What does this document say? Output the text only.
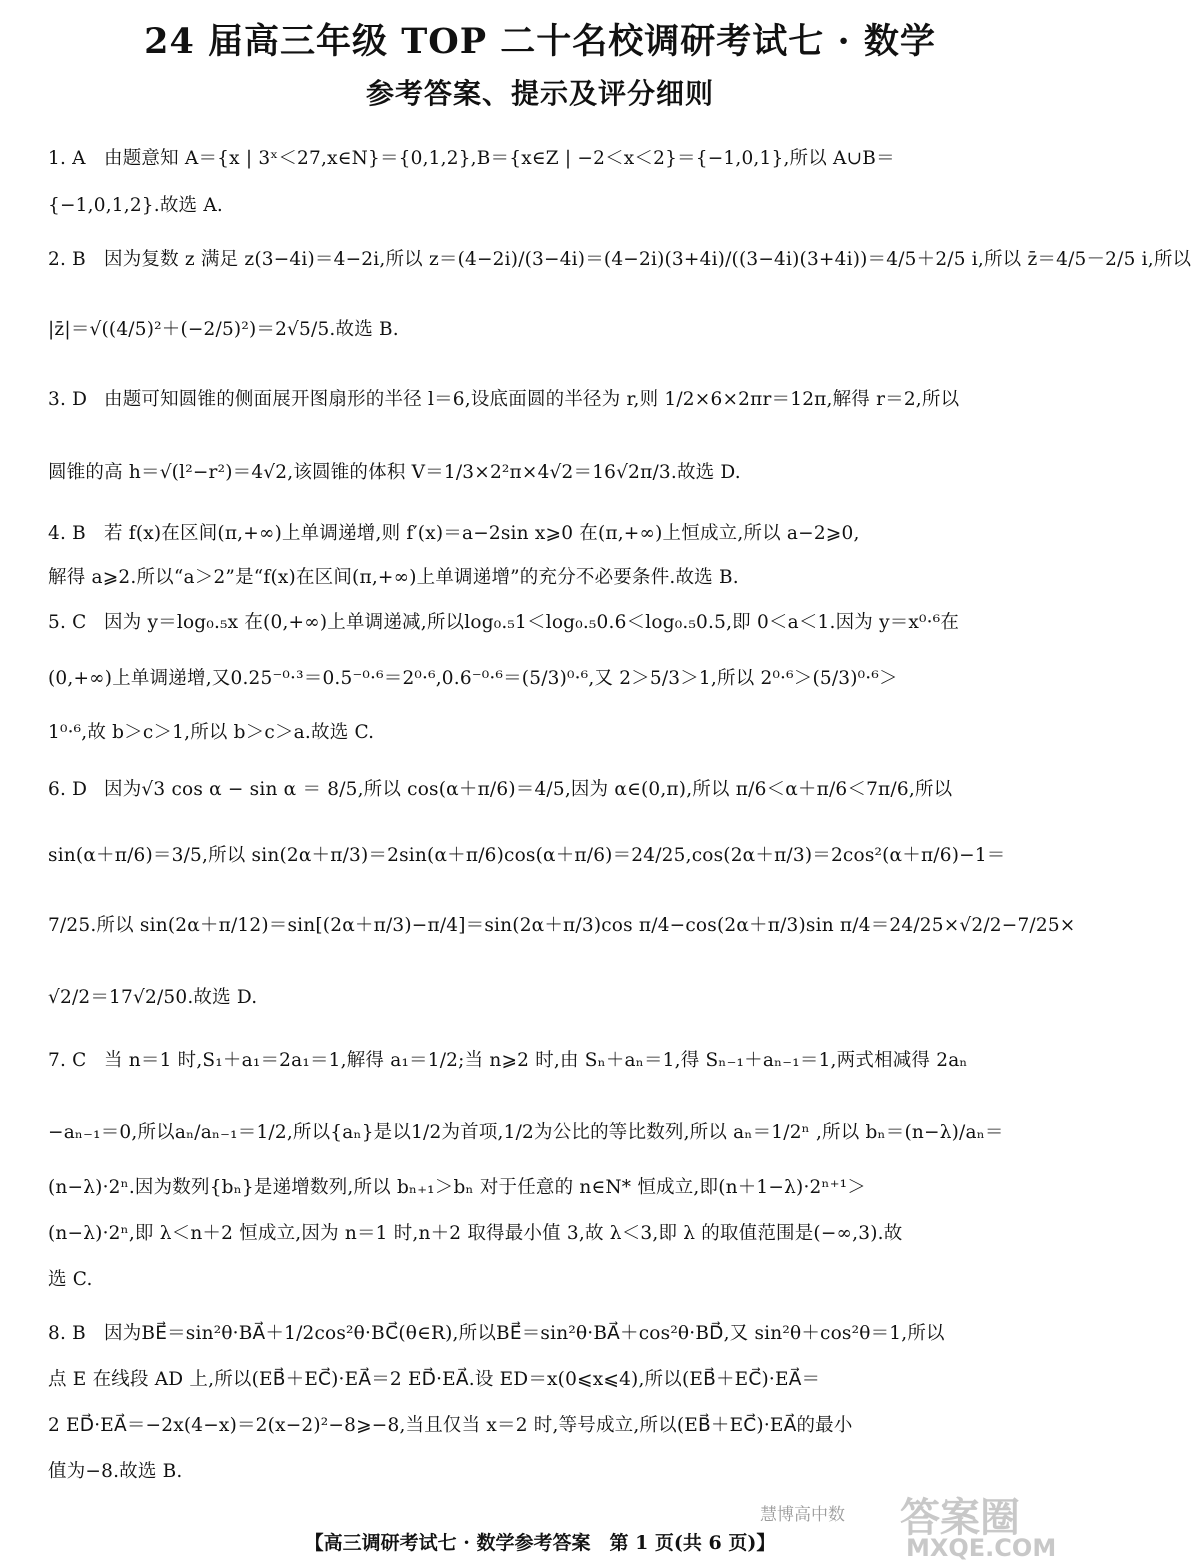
24 届高三年级 TOP 二十名校调研考试七 · 数学
参考答案、提示及评分细则
1. A 由题意知 A＝{x | 3ˣ＜27,x∈N}＝{0,1,2},B＝{x∈Z | −2＜x＜2}＝{−1,0,1},所以 A∪B＝
{−1,0,1,2}.故选 A.
2. B 因为复数 z 满足 z(3−4i)＝4−2i,所以 z＝(4−2i)/(3−4i)＝(4−2i)(3+4i)/((3−4i)(3+4i))＝4/5＋2/5 i,所以 z̄＝4/5－2/5 i,所以
|z̄|＝√((4/5)²＋(−2/5)²)＝2√5/5.故选 B.
3. D 由题可知圆锥的侧面展开图扇形的半径 l＝6,设底面圆的半径为 r,则 1/2×6×2πr＝12π,解得 r＝2,所以
圆锥的高 h＝√(l²−r²)＝4√2,该圆锥的体积 V＝1/3×2²π×4√2＝16√2π/3.故选 D.
4. B 若 f(x)在区间(π,+∞)上单调递增,则 f′(x)＝a−2sin x⩾0 在(π,+∞)上恒成立,所以 a−2⩾0,
解得 a⩾2.所以“a＞2”是“f(x)在区间(π,+∞)上单调递增”的充分不必要条件.故选 B.
5. C 因为 y＝log₀.₅x 在(0,+∞)上单调递减,所以log₀.₅1＜log₀.₅0.6＜log₀.₅0.5,即 0＜a＜1.因为 y＝x⁰·⁶在
(0,+∞)上单调递增,又0.25⁻⁰·³＝0.5⁻⁰·⁶＝2⁰·⁶,0.6⁻⁰·⁶＝(5/3)⁰·⁶,又 2＞5/3＞1,所以 2⁰·⁶＞(5/3)⁰·⁶＞
1⁰·⁶,故 b＞c＞1,所以 b＞c＞a.故选 C.
6. D 因为√3 cos α − sin α ＝ 8/5,所以 cos(α＋π/6)＝4/5,因为 α∈(0,π),所以 π/6＜α＋π/6＜7π/6,所以
sin(α＋π/6)＝3/5,所以 sin(2α＋π/3)＝2sin(α＋π/6)cos(α＋π/6)＝24/25,cos(2α＋π/3)＝2cos²(α＋π/6)−1＝
7/25.所以 sin(2α＋π/12)＝sin[(2α＋π/3)−π/4]＝sin(2α＋π/3)cos π/4−cos(2α＋π/3)sin π/4＝24/25×√2/2−7/25×
√2/2＝17√2/50.故选 D.
7. C 当 n＝1 时,S₁＋a₁＝2a₁＝1,解得 a₁＝1/2;当 n⩾2 时,由 Sₙ＋aₙ＝1,得 Sₙ₋₁＋aₙ₋₁＝1,两式相减得 2aₙ
−aₙ₋₁＝0,所以aₙ/aₙ₋₁＝1/2,所以{aₙ}是以1/2为首项,1/2为公比的等比数列,所以 aₙ＝1/2ⁿ ,所以 bₙ＝(n−λ)/aₙ＝
(n−λ)·2ⁿ.因为数列{bₙ}是递增数列,所以 bₙ₊₁＞bₙ 对于任意的 n∈N* 恒成立,即(n＋1−λ)·2ⁿ⁺¹＞
(n−λ)·2ⁿ,即 λ＜n＋2 恒成立,因为 n＝1 时,n＋2 取得最小值 3,故 λ＜3,即 λ 的取值范围是(−∞,3).故
选 C.
8. B 因为BE⃗＝sin²θ·BA⃗＋1/2cos²θ·BC⃗(θ∈R),所以BE⃗＝sin²θ·BA⃗＋cos²θ·BD⃗,又 sin²θ＋cos²θ＝1,所以
点 E 在线段 AD 上,所以(EB⃗＋EC⃗)·EA⃗＝2 ED⃗·EA⃗.设 ED＝x(0⩽x⩽4),所以(EB⃗＋EC⃗)·EA⃗＝
2 ED⃗·EA⃗＝−2x(4−x)＝2(x−2)²−8⩾−8,当且仅当 x＝2 时,等号成立,所以(EB⃗＋EC⃗)·EA⃗的最小
值为−8.故选 B.
慧博高中数 答案圈
MXQE.COM
【高三调研考试七 · 数学参考答案　第 1 页(共 6 页)】
